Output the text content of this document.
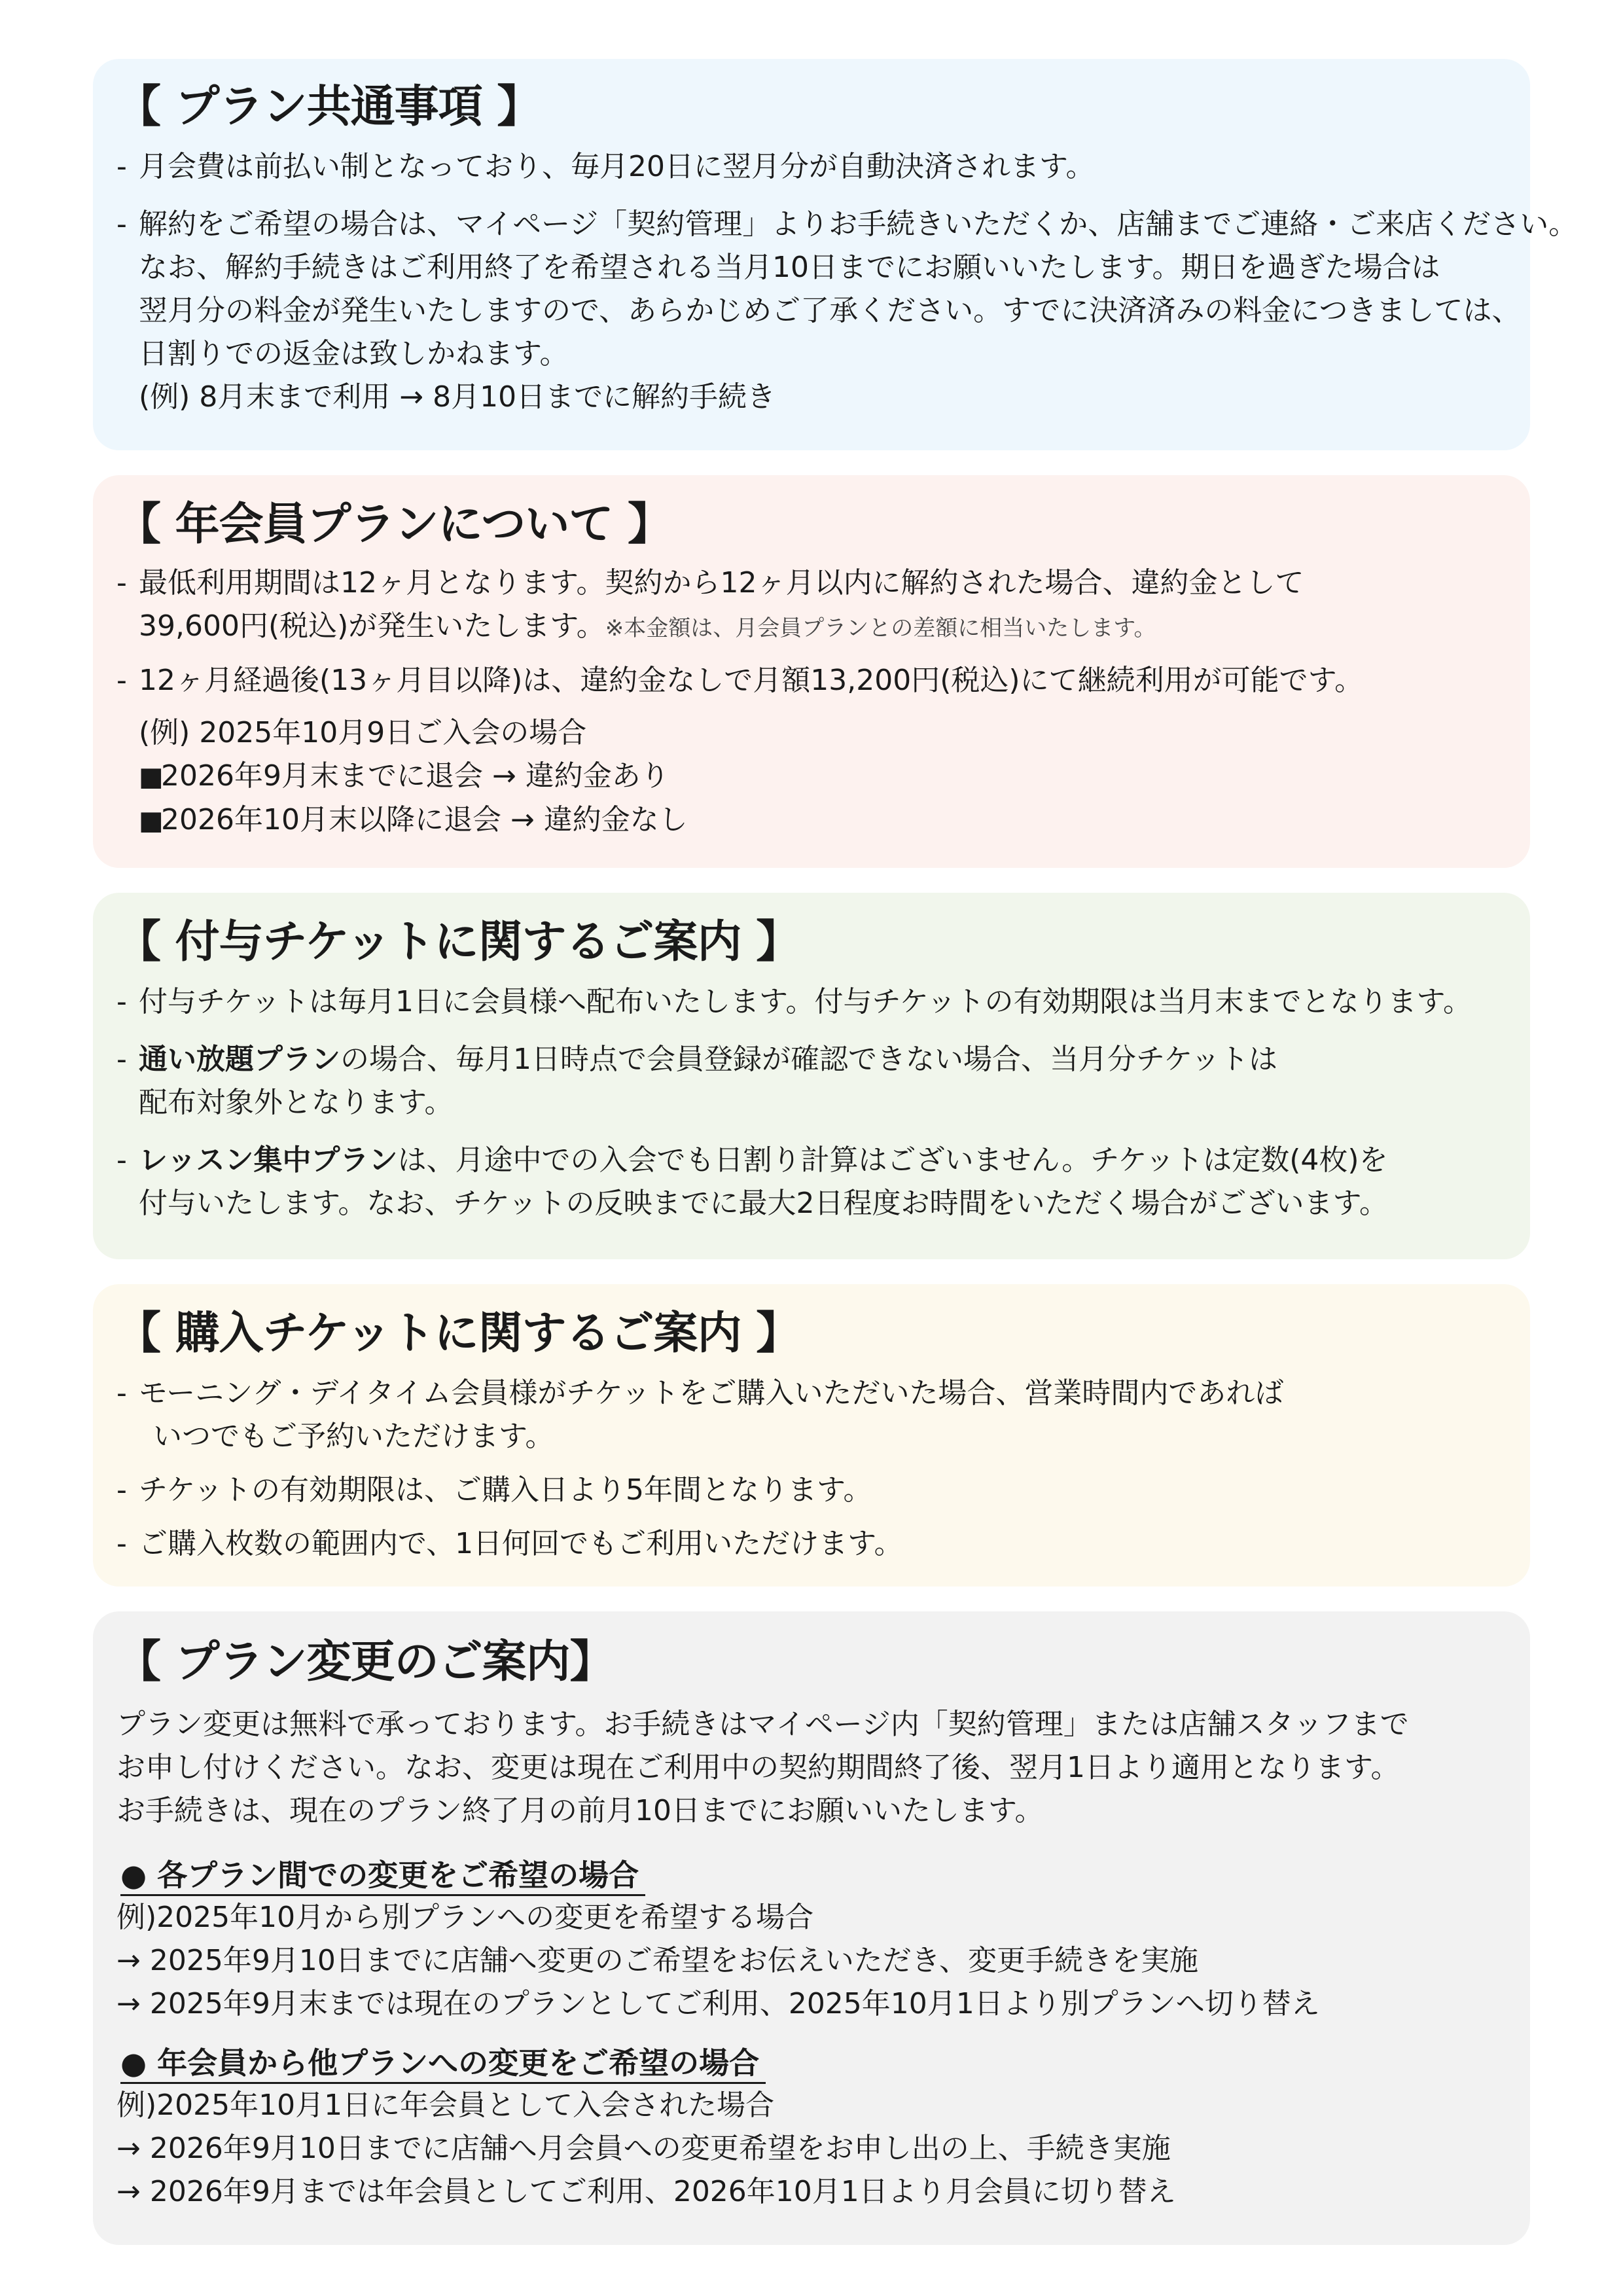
【 プラン共通事項 】
- 月会費は前払い制となっており、毎月20日に翌月分が自動決済されます。
- 解約をご希望の場合は、マイページ「契約管理」よりお手続きいただくか、店舗までご連絡・ご来店ください。
なお、解約手続きはご利用終了を希望される当月10日までにお願いいたします。期日を過ぎた場合は
翌月分の料金が発生いたしますので、あらかじめご了承ください。すでに決済済みの料金につきましては、
日割りでの返金は致しかねます。
(例) 8月末まで利用 → 8月10日までに解約手続き
【 年会員プランについて 】
- 最低利用期間は12ヶ月となります。契約から12ヶ月以内に解約された場合、違約金として
39,600円(税込)が発生いたします。※本金額は、月会員プランとの差額に相当いたします。
- 12ヶ月経過後(13ヶ月目以降)は、違約金なしで月額13,200円(税込)にて継続利用が可能です。
(例) 2025年10月9日ご入会の場合
■2026年9月末までに退会 → 違約金あり
■2026年10月末以降に退会 → 違約金なし
【 付与チケットに関するご案内 】
- 付与チケットは毎月1日に会員様へ配布いたします。付与チケットの有効期限は当月末までとなります。
- 通い放題プランの場合、毎月1日時点で会員登録が確認できない場合、当月分チケットは
配布対象外となります。
- レッスン集中プランは、月途中での入会でも日割り計算はございません。チケットは定数(4枚)を
付与いたします。なお、チケットの反映までに最大2日程度お時間をいただく場合がございます。
【 購入チケットに関するご案内 】
- モーニング・デイタイム会員様がチケットをご購入いただいた場合、営業時間内であれば
いつでもご予約いただけます。
- チケットの有効期限は、ご購入日より5年間となります。
- ご購入枚数の範囲内で、1日何回でもご利用いただけます。
【 プラン変更のご案内】
プラン変更は無料で承っております。お手続きはマイページ内「契約管理」または店舗スタッフまで
お申し付けください。なお、変更は現在ご利用中の契約期間終了後、翌月1日より適用となります。
お手続きは、現在のプラン終了月の前月10日までにお願いいたします。
● 各プラン間での変更をご希望の場合
例)2025年10月から別プランへの変更を希望する場合
→ 2025年9月10日までに店舗へ変更のご希望をお伝えいただき、変更手続きを実施
→ 2025年9月末までは現在のプランとしてご利用、2025年10月1日より別プランへ切り替え
● 年会員から他プランへの変更をご希望の場合
例)2025年10月1日に年会員として入会された場合
→ 2026年9月10日までに店舗へ月会員への変更希望をお申し出の上、手続き実施
→ 2026年9月までは年会員としてご利用、2026年10月1日より月会員に切り替え
